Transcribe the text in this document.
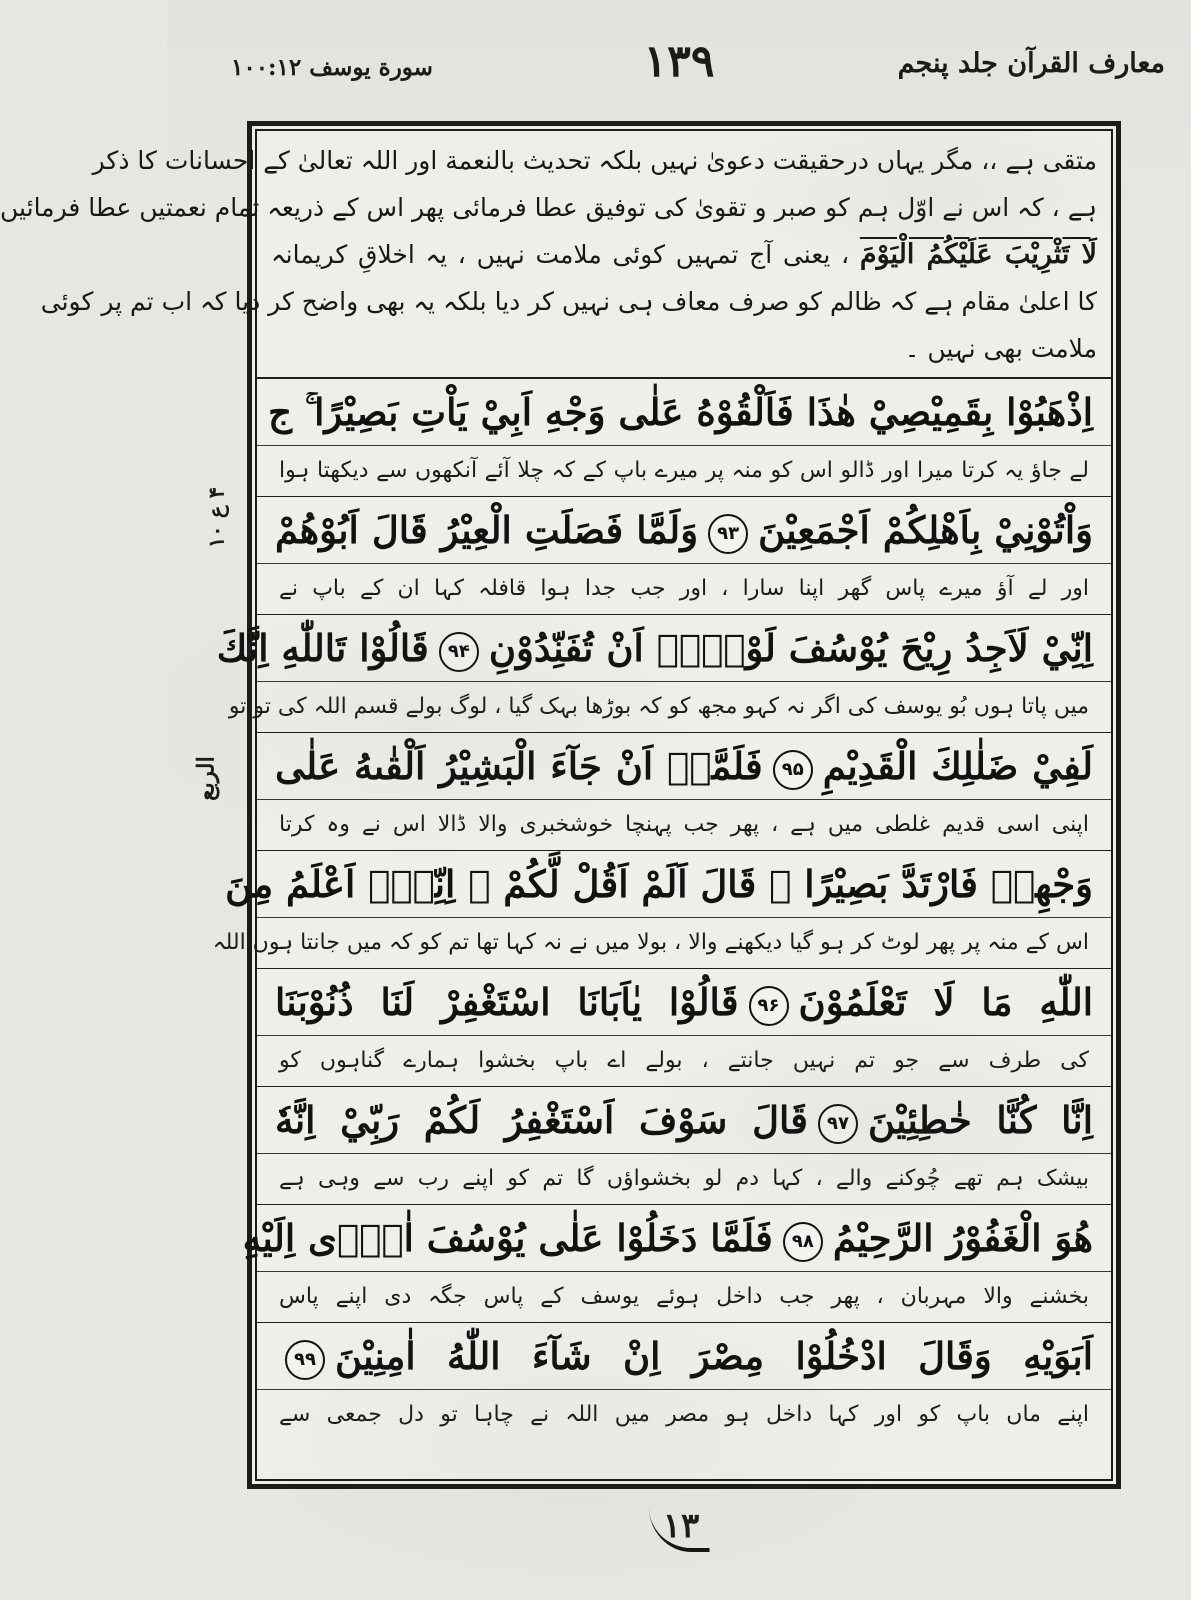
معارف القرآن جلد پنجم
۱۳۹
سورة یوسف ۱۰۰:۱۲
۴ ع ۱۰
الربع
متقی ہے ،، مگر یہاں درحقیقت دعویٰ نہیں بلکہ تحدیث بالنعمة اور اللہ تعالیٰ کے احسانات کا ذکر
ہے ، کہ اس نے اوّل ہم کو صبر و تقویٰ کی توفیق عطا فرمائی پھر اس کے ذریعہ تمام نعمتیں عطا فرمائیں
لَا تَثْرِيْبَ عَلَيْكُمُ الْيَوْمَ ، یعنی آج تمہیں کوئی ملامت نہیں ، یہ اخلاقِ کریمانہ
کا اعلیٰ مقام ہے کہ ظالم کو صرف معاف ہی نہیں کر دیا بلکہ یہ بھی واضح کر دیا کہ اب تم پر کوئی
ملامت بھی نہیں ۔
اِذْهَبُوْا بِقَمِيْصِيْ هٰذَا فَاَلْقُوْهُ عَلٰى وَجْهِ اَبِيْ يَاْتِ بَصِيْرًا ۚ ج
لے جاؤ یہ کرتا میرا اور ڈالو اس کو منہ پر میرے باپ کے کہ چلا آئے آنکھوں سے دیکھتا ہوا
وَاْتُوْنِيْ بِاَهْلِكُمْ اَجْمَعِيْنَ۹۳وَلَمَّا فَصَلَتِ الْعِيْرُ قَالَ اَبُوْهُمْ
اور لے آؤ میرے پاس گھر اپنا سارا ، اور جب جدا ہوا قافلہ کہا ان کے باپ نے
اِنِّيْ لَاَجِدُ رِيْحَ يُوْسُفَ لَوْلَاۤ اَنْ تُفَنِّدُوْنِ۹۴قَالُوْا تَاللّٰهِ اِنَّكَ
میں پاتا ہوں بُو یوسف کی اگر نہ کہو مجھ کو کہ بوڑھا بہک گیا ، لوگ بولے قسم اللہ کی تو تو
لَفِيْ ضَلٰلِكَ الْقَدِيْمِ۹۵فَلَمَّاۤ اَنْ جَآءَ الْبَشِيْرُ اَلْقٰىهُ عَلٰى
اپنی اسی قدیم غلطی میں ہے ، پھر جب پہنچا خوشخبری والا ڈالا اس نے وہ کرتا
وَجْهِهٖ فَارْتَدَّ بَصِيْرًا ۚ قَالَ اَلَمْ اَقُلْ لَّكُمْ ۙ اِنِّيْۤ اَعْلَمُ مِنَ
اس کے منہ پر پھر لوٹ کر ہو گیا دیکھنے والا ، بولا میں نے نہ کہا تھا تم کو کہ میں جانتا ہوں اللہ
اللّٰهِ مَا لَا تَعْلَمُوْنَ۹۶قَالُوْا يٰاَبَانَا اسْتَغْفِرْ لَنَا ذُنُوْبَنَا
کی طرف سے جو تم نہیں جانتے ، بولے اے باپ بخشوا ہمارے گناہوں کو
اِنَّا كُنَّا خٰطِئِيْنَ۹۷قَالَ سَوْفَ اَسْتَغْفِرُ لَكُمْ رَبِّيْ اِنَّهٗ
بیشک ہم تھے چُوکنے والے ، کہا دم لو بخشواؤں گا تم کو اپنے رب سے وہی ہے
هُوَ الْغَفُوْرُ الرَّحِيْمُ۹۸فَلَمَّا دَخَلُوْا عَلٰى يُوْسُفَ اٰوٰۤى اِلَيْهِ
بخشنے والا مہربان ، پھر جب داخل ہوئے یوسف کے پاس جگہ دی اپنے پاس
اَبَوَيْهِ وَقَالَ ادْخُلُوْا مِصْرَ اِنْ شَآءَ اللّٰهُ اٰمِنِيْنَ۹۹
اپنے ماں باپ کو اور کہا داخل ہو مصر میں اللہ نے چاہا تو دل جمعی سے
۱۳
